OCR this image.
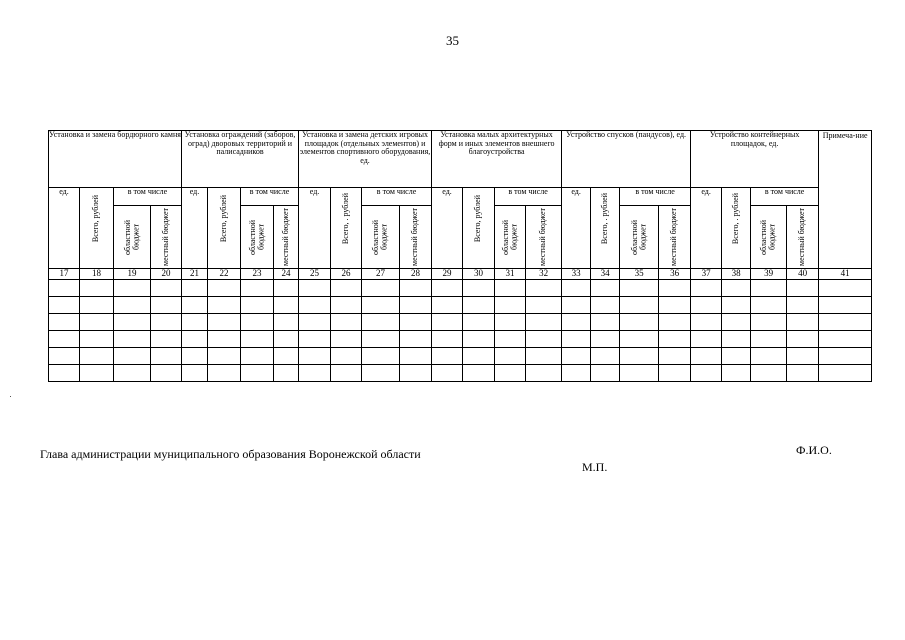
35
Установка и замена бордюрного камня				Установка ограждений (заборов, оград) дворовых территорий и палисадников				Установка и замена детских игровых площадок (отдельных элементов) и элементов спортивного оборудования, ед.				Установка малых архитектурных форм и иных элементов внешнего благоустройства				Устройство спусков (пандусов), ед.				Устройство контейнерных площадок, ед.				Примеча-ние

ед.	Всего, рублей	в том числе		ед.	Всего, рублей	в том числе		ед.	Всего, . рублей	в том числе		ед.	Всего, рублей	в том числе		ед.	Всего, . рублей	в том числе		ед.	Всего, . рублей	в том числе		

		областной бюджет	местный бюджет			областной бюджет	местный бюджет			областной бюджет	местный бюджет			областной бюджет	местный бюджет			областной бюджет	местный бюджет			областной бюджет	местный бюджет	

17	18	19	20	21	22	23	24	25	26	27	28	29	30	31	32	33	34	35	36	37	38	39	40	41

Глава администрации муниципального образования Воронежской области
М.П.
Ф.И.О.
